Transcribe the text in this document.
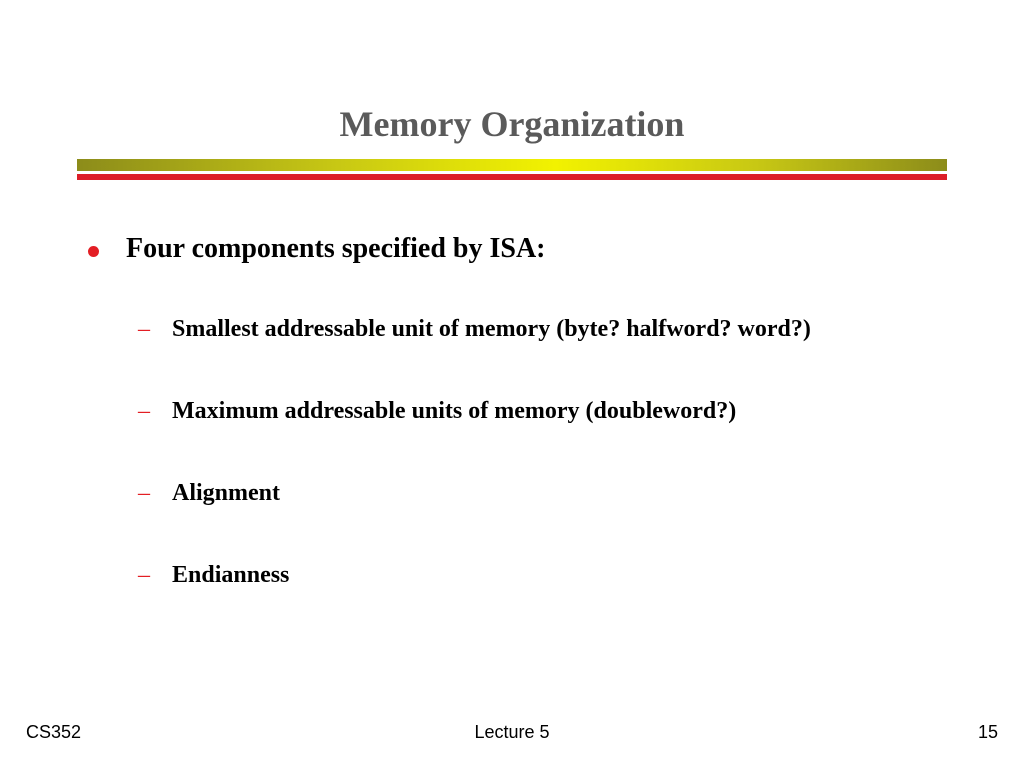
Memory Organization
Four components specified by ISA:
– Smallest addressable unit of memory (byte? halfword? word?)
– Maximum addressable units of memory (doubleword?)
– Alignment
– Endianness
CS352	Lecture 5	15
